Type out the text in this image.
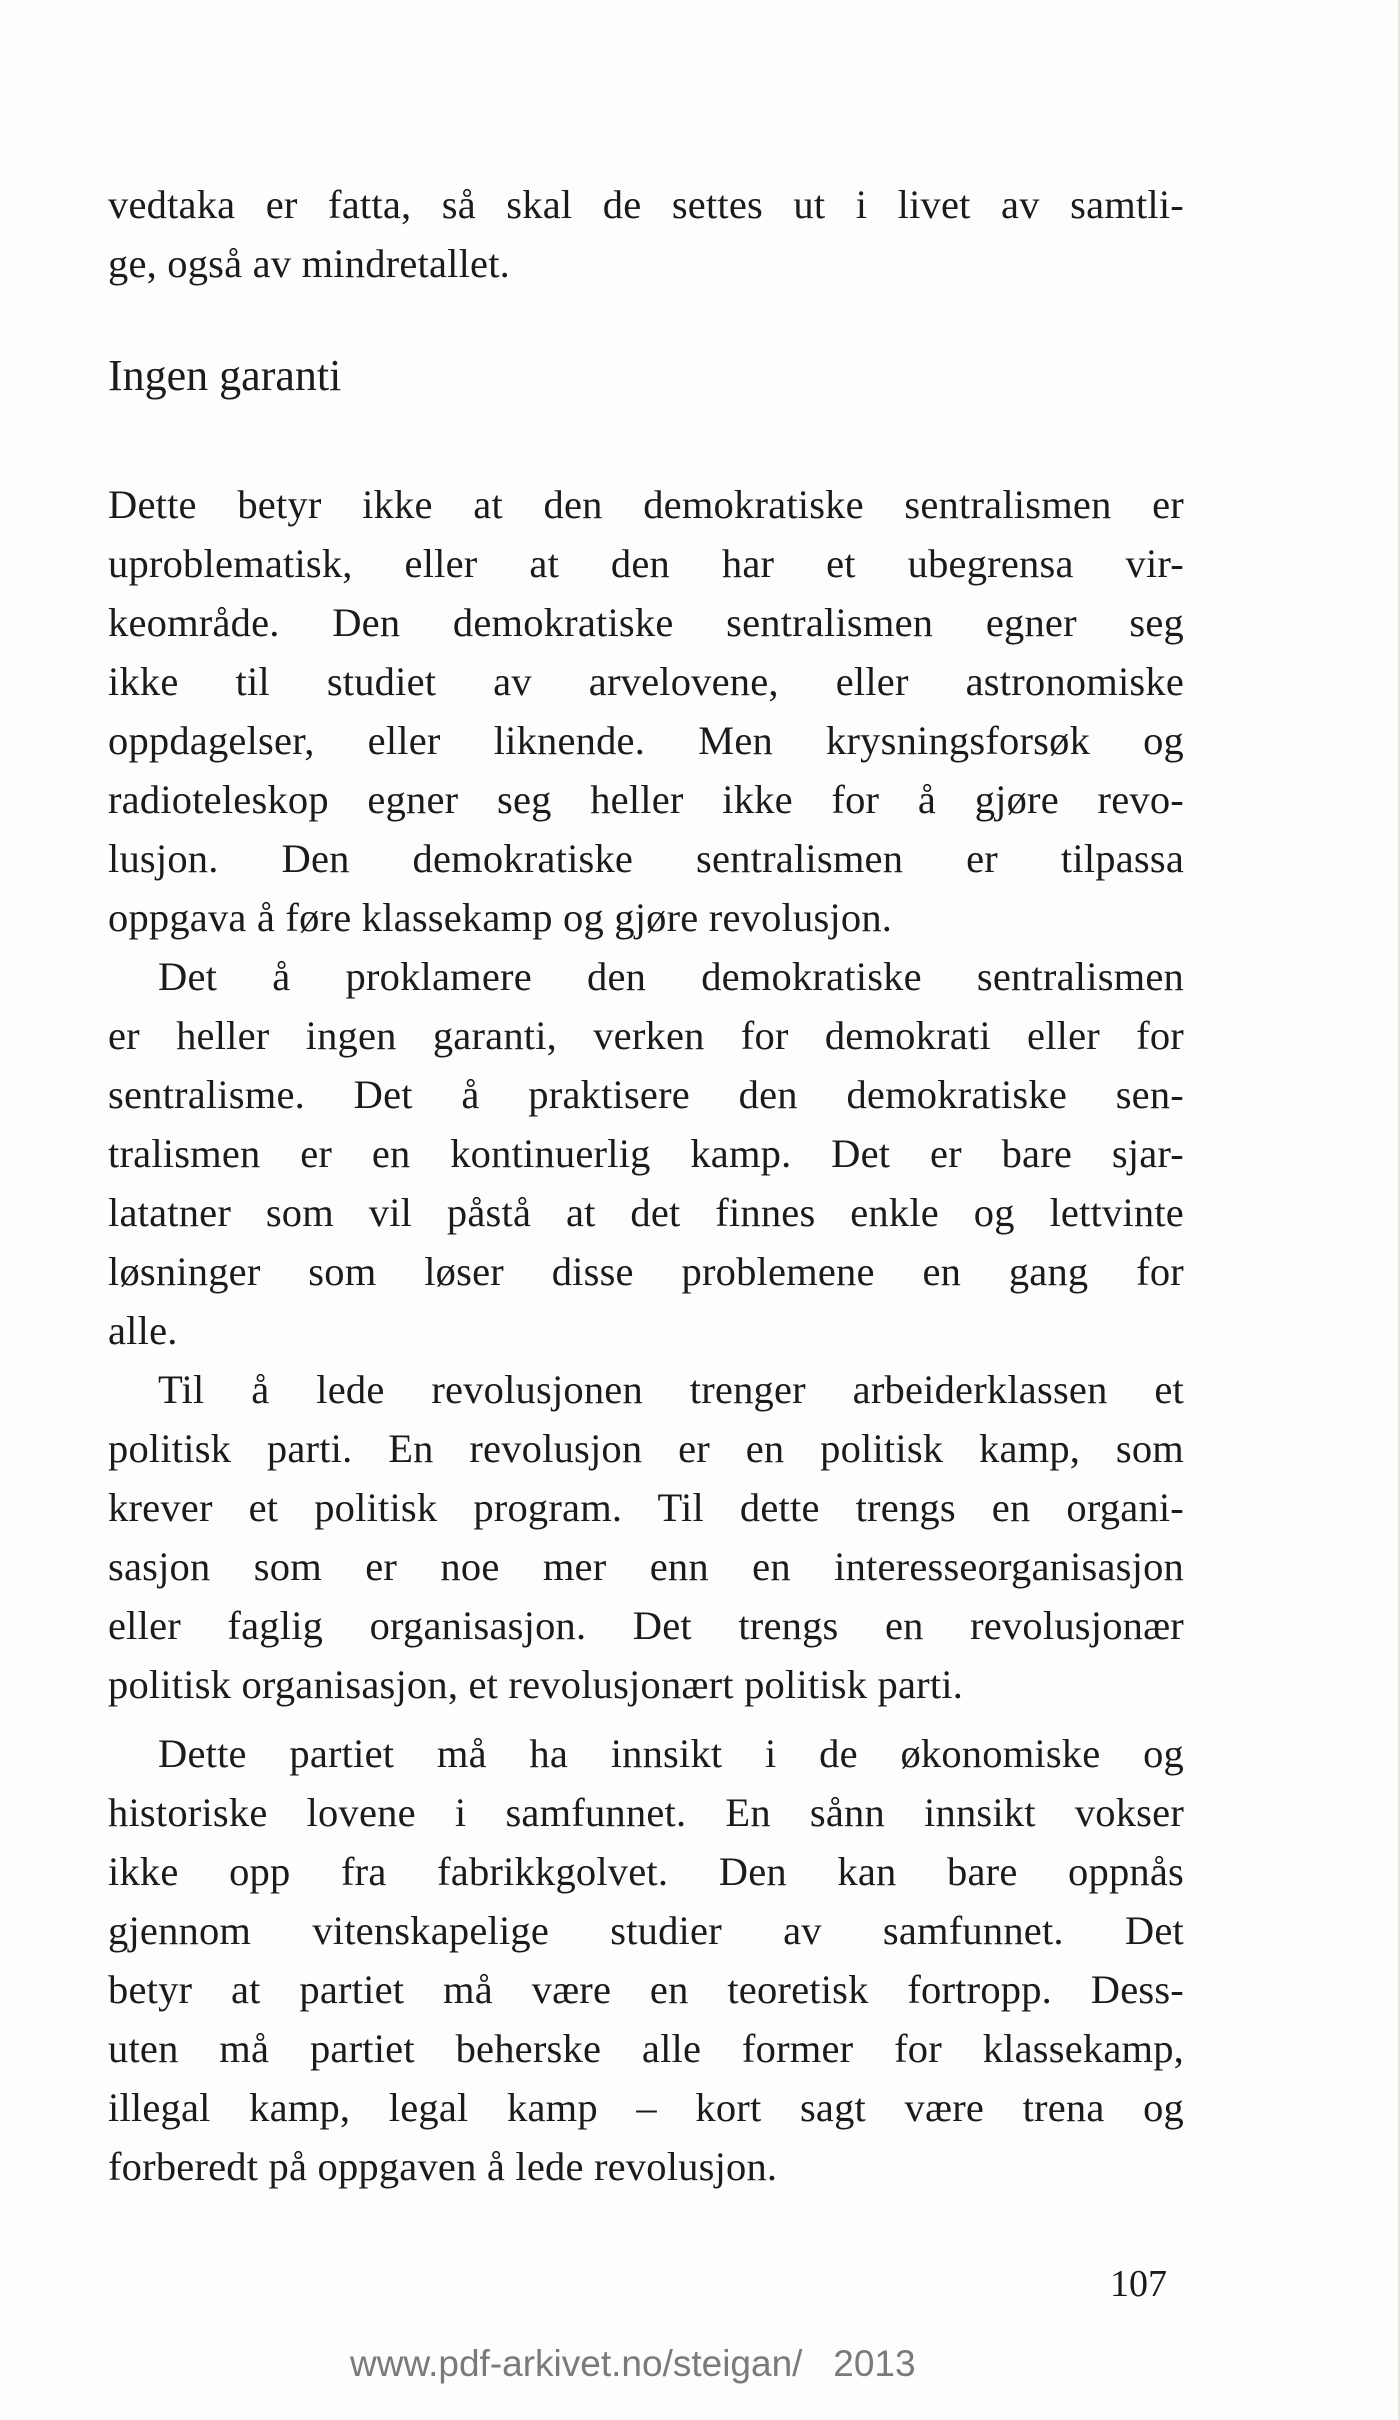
vedtaka er fatta, så skal de settes ut i livet av samtli-
ge, også av mindretallet.
Ingen garanti
Dette betyr ikke at den demokratiske sentralismen er
uproblematisk, eller at den har et ubegrensa vir-
keområde. Den demokratiske sentralismen egner seg
ikke til studiet av arvelovene, eller astronomiske
oppdagelser, eller liknende. Men krysningsforsøk og
radioteleskop egner seg heller ikke for å gjøre revo-
lusjon. Den demokratiske sentralismen er tilpassa
oppgava å føre klassekamp og gjøre revolusjon.
Det å proklamere den demokratiske sentralismen
er heller ingen garanti, verken for demokrati eller for
sentralisme. Det å praktisere den demokratiske sen-
tralismen er en kontinuerlig kamp. Det er bare sjar-
latatner som vil påstå at det finnes enkle og lettvinte
løsninger som løser disse problemene en gang for
alle.
Til å lede revolusjonen trenger arbeiderklassen et
politisk parti. En revolusjon er en politisk kamp, som
krever et politisk program. Til dette trengs en organi-
sasjon som er noe mer enn en interesseorganisasjon
eller faglig organisasjon. Det trengs en revolusjonær
politisk organisasjon, et revolusjonært politisk parti.
Dette partiet må ha innsikt i de økonomiske og
historiske lovene i samfunnet. En sånn innsikt vokser
ikke opp fra fabrikkgolvet. Den kan bare oppnås
gjennom vitenskapelige studier av samfunnet. Det
betyr at partiet må være en teoretisk fortropp. Dess-
uten må partiet beherske alle former for klassekamp,
illegal kamp, legal kamp – kort sagt være trena og
forberedt på oppgaven å lede revolusjon.
107
www.pdf-arkivet.no/steigan/ 2013
